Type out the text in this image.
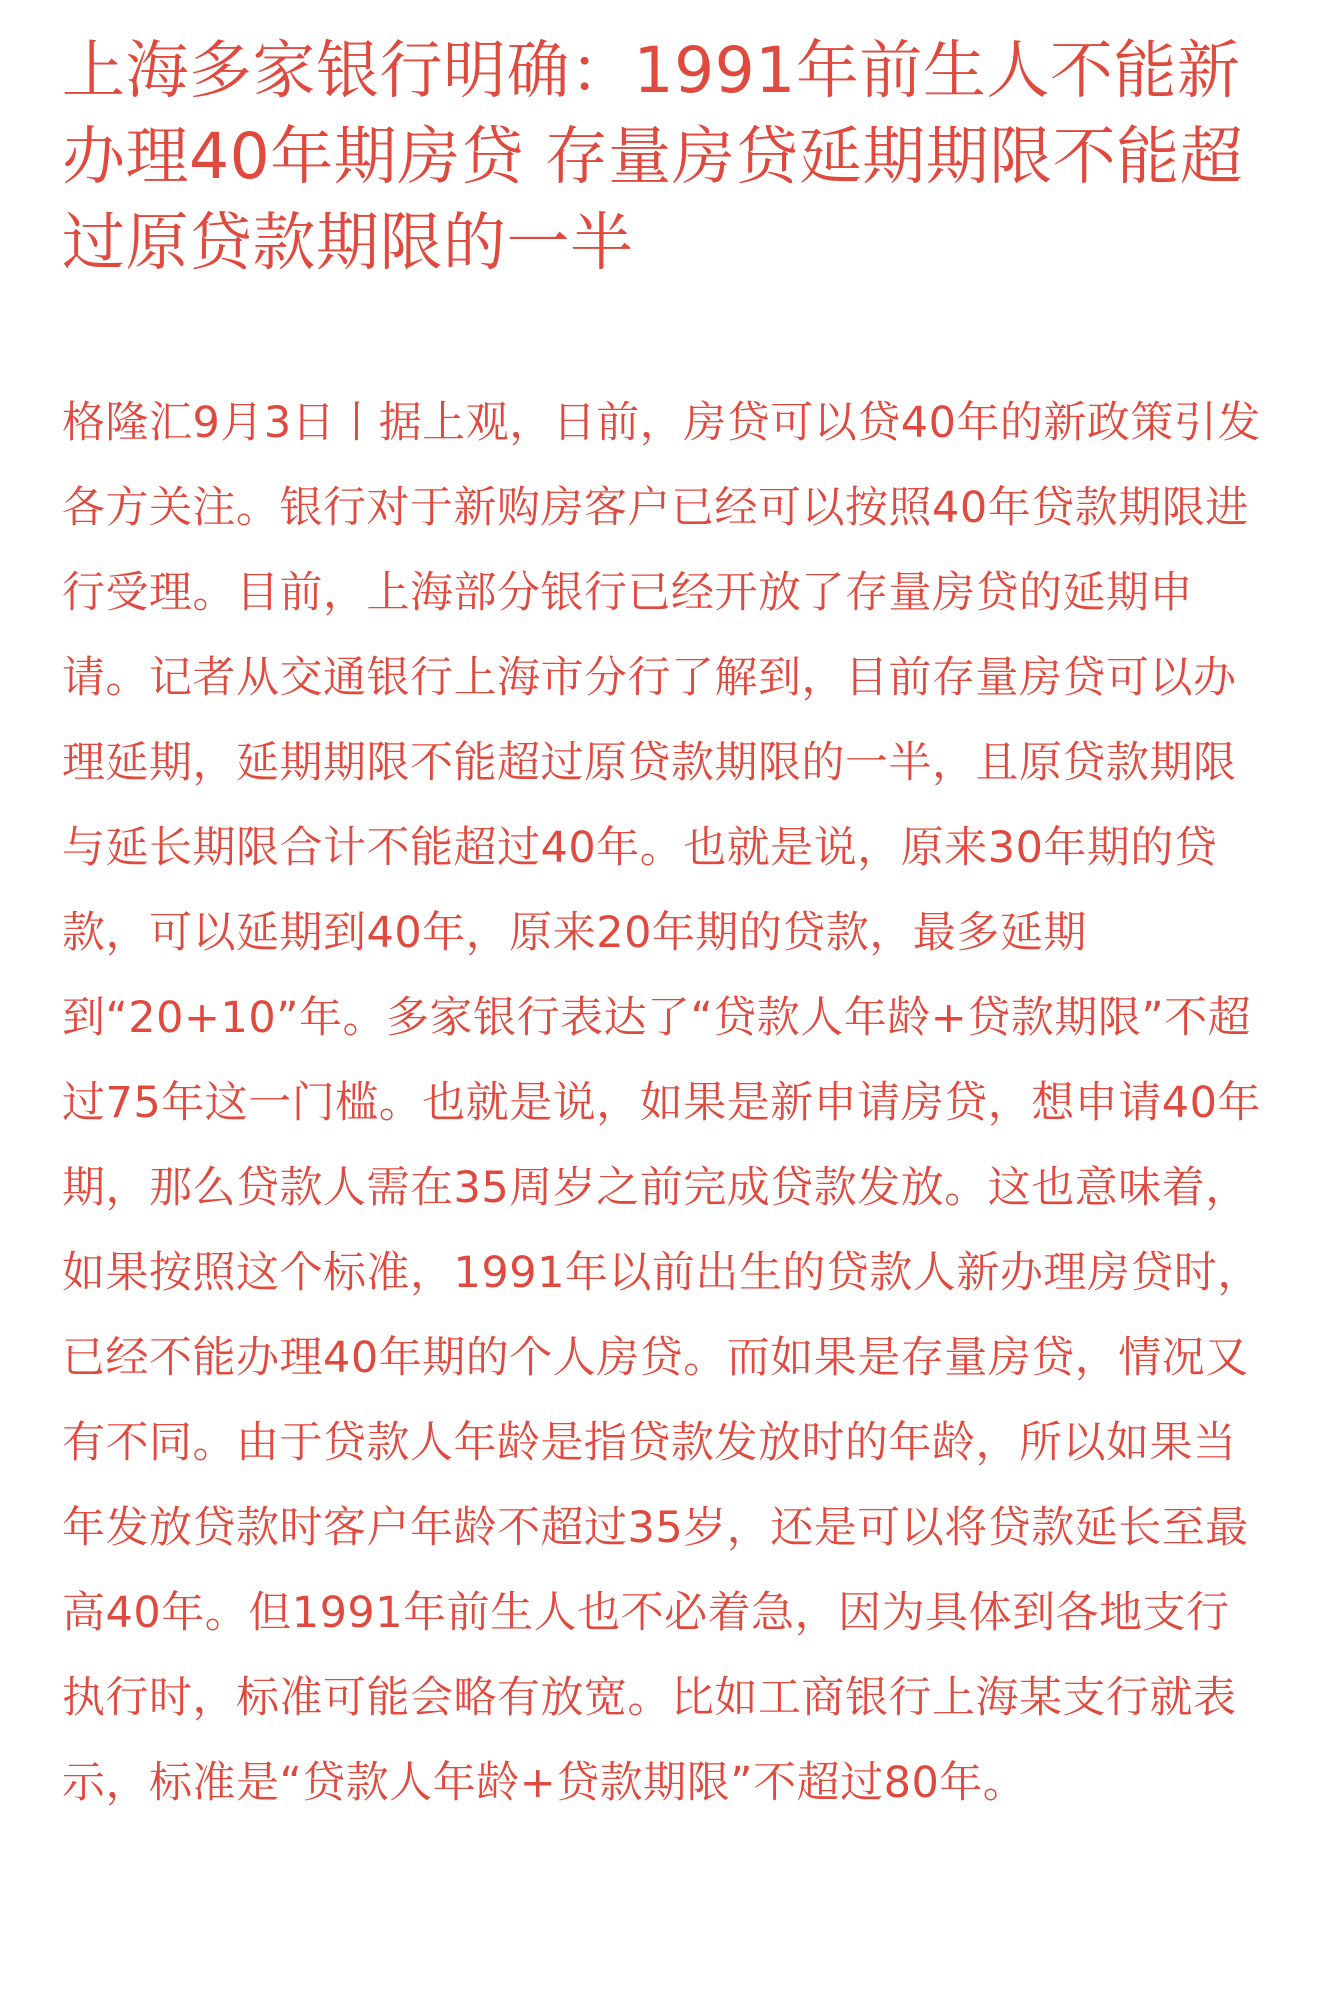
上海多家银行明确：1991年前生人不能新办理40年期房贷 存量房贷延期期限不能超过原贷款期限的一半

格隆汇9月3日丨据上观，日前，房贷可以贷40年的新政策引发各方关注。银行对于新购房客户已经可以按照40年贷款期限进行受理。目前，上海部分银行已经开放了存量房贷的延期申请。记者从交通银行上海市分行了解到，目前存量房贷可以办理延期，延期期限不能超过原贷款期限的一半，且原贷款期限与延长期限合计不能超过40年。也就是说，原来30年期的贷款，可以延期到40年，原来20年期的贷款，最多延期到“20+10”年。多家银行表达了“贷款人年龄+贷款期限”不超过75年这一门槛。也就是说，如果是新申请房贷，想申请40年期，那么贷款人需在35周岁之前完成贷款发放。这也意味着，如果按照这个标准，1991年以前出生的贷款人新办理房贷时，已经不能办理40年期的个人房贷。而如果是存量房贷，情况又有不同。由于贷款人年龄是指贷款发放时的年龄，所以如果当年发放贷款时客户年龄不超过35岁，还是可以将贷款延长至最高40年。但1991年前生人也不必着急，因为具体到各地支行执行时，标准可能会略有放宽。比如工商银行上海某支行就表示，标准是“贷款人年龄+贷款期限”不超过80年。
